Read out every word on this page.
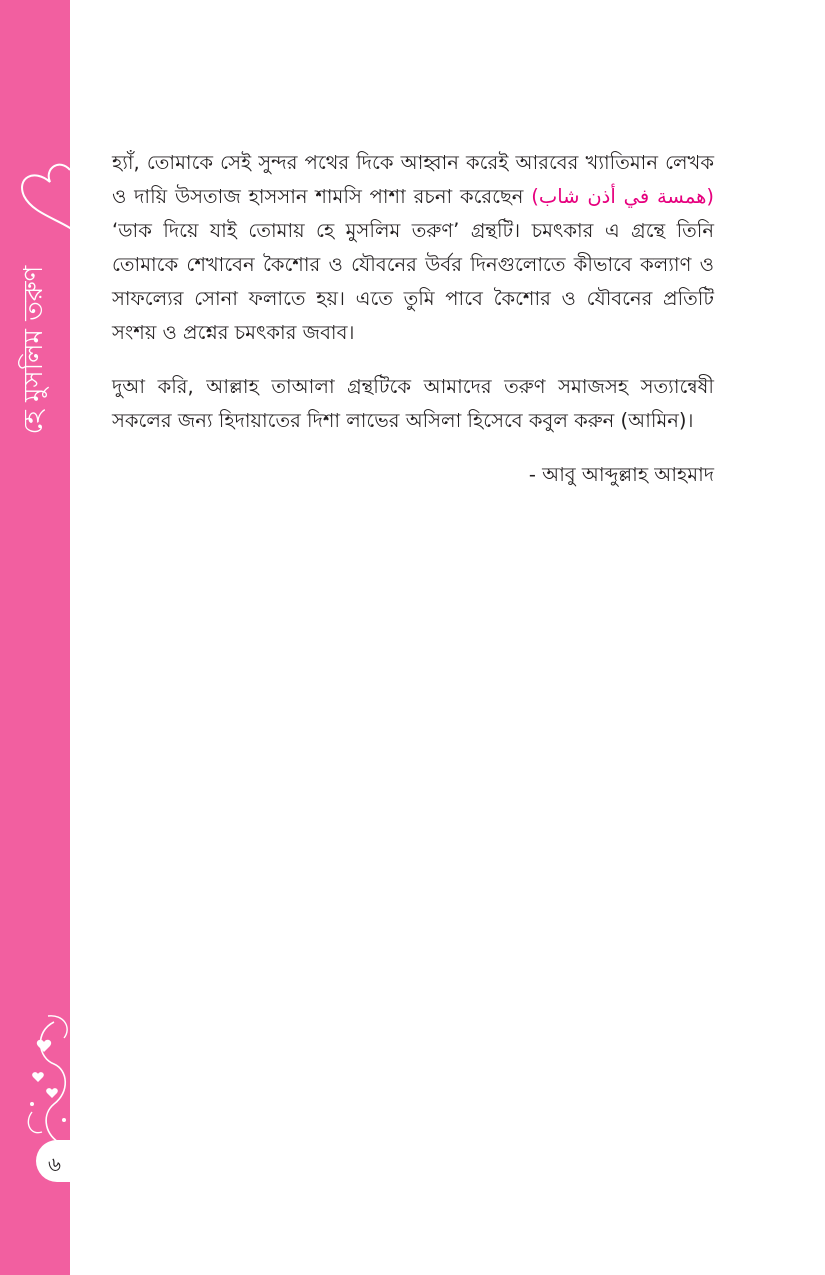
হে মুসলিম তরুণ
৬

হ্যাঁ, তোমাকে সেই সুন্দর পথের দিকে আহ্বান করেই আরবের খ্যাতিমান লেখক ও দায়ি উসতাজ হাসসান শামসি পাশা রচনা করেছেন (همسة في أذن شاب) ‘ডাক দিয়ে যাই তোমায় হে মুসলিম তরুণ’ গ্রন্থটি। চমৎকার এ গ্রন্থে তিনি তোমাকে শেখাবেন কৈশোর ও যৌবনের উর্বর দিনগুলোতে কীভাবে কল্যাণ ও সাফল্যের সোনা ফলাতে হয়। এতে তুমি পাবে কৈশোর ও যৌবনের প্রতিটি সংশয় ও প্রশ্নের চমৎকার জবাব।

দুআ করি, আল্লাহ তাআলা গ্রন্থটিকে আমাদের তরুণ সমাজসহ সত্যান্বেষী সকলের জন্য হিদায়াতের দিশা লাভের অসিলা হিসেবে কবুল করুন (আমিন)।

- আবু আব্দুল্লাহ আহমাদ
